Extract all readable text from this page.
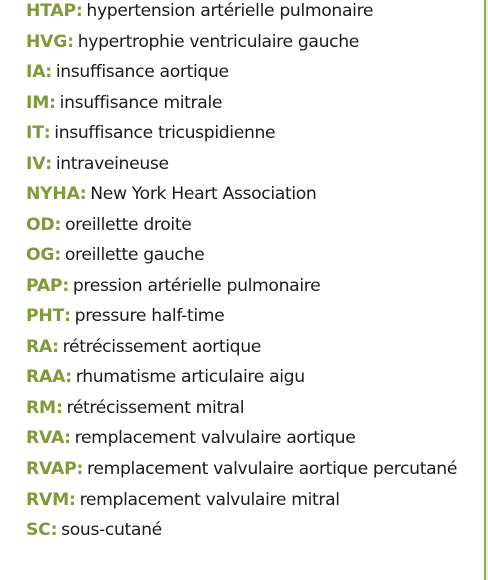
HTAP: hypertension artérielle pulmonaire
HVG: hypertrophie ventriculaire gauche
IA: insuffisance aortique
IM: insuffisance mitrale
IT: insuffisance tricuspidienne
IV: intraveineuse
NYHA: New York Heart Association
OD: oreillette droite
OG: oreillette gauche
PAP: pression artérielle pulmonaire
PHT: pressure half-time
RA: rétrécissement aortique
RAA: rhumatisme articulaire aigu
RM: rétrécissement mitral
RVA: remplacement valvulaire aortique
RVAP: remplacement valvulaire aortique percutané
RVM: remplacement valvulaire mitral
SC: sous-cutané
